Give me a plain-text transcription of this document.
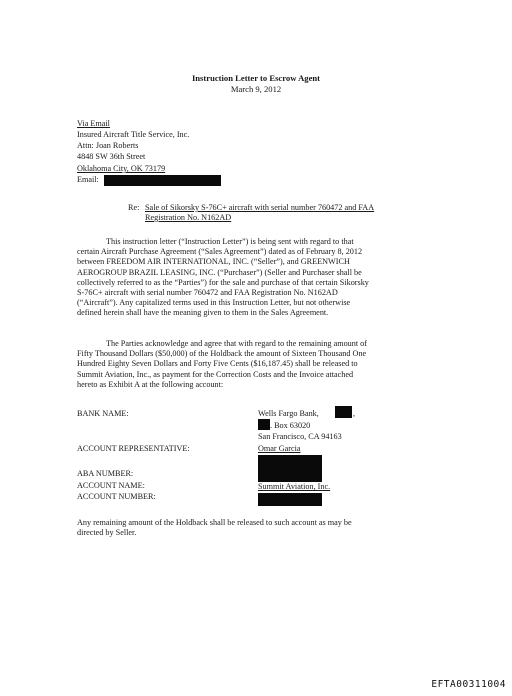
Instruction Letter to Escrow Agent
March 9, 2012
Via Email
Insured Aircraft Title Service, Inc.
Attn: Joan Roberts
4848 SW 36th Street
Oklahoma City, OK 73179
Email:
Re: Sale of Sikorsky S-76C+ aircraft with serial number 760472 and FAA
Registration No. N162AD
This instruction letter (“Instruction Letter”) is being sent with regard to that
certain Aircraft Purchase Agreement (“Sales Agreement”) dated as of February 8, 2012
between FREEDOM AIR INTERNATIONAL, INC. (“Seller”), and GREENWICH
AEROGROUP BRAZIL LEASING, INC. (“Purchaser”) (Seller and Purchaser shall be
collectively referred to as the “Parties”) for the sale and purchase of that certain Sikorsky
S-76C+ aircraft with serial number 760472 and FAA Registration No. N162AD
(“Aircraft”). Any capitalized terms used in this Instruction Letter, but not otherwise
defined herein shall have the meaning given to them in the Sales Agreement.
The Parties acknowledge and agree that with regard to the remaining amount of
Fifty Thousand Dollars ($50,000) of the Holdback the amount of Sixteen Thousand One
Hundred Eighty Seven Dollars and Forty Five Cents ($16,187.45) shall be released to
Summit Aviation, Inc., as payment for the Correction Costs and the Invoice attached
hereto as Exhibit A at the following account:
BANK NAME:	Wells Fargo Bank,	,
. Box 63020
San Francisco, CA 94163
ACCOUNT REPRESENTATIVE:	Omar Garcia
ABA NUMBER:
ACCOUNT NAME:	Summit Aviation, Inc.
ACCOUNT NUMBER:
Any remaining amount of the Holdback shall be released to such account as may be
directed by Seller.
EFTA00311004
